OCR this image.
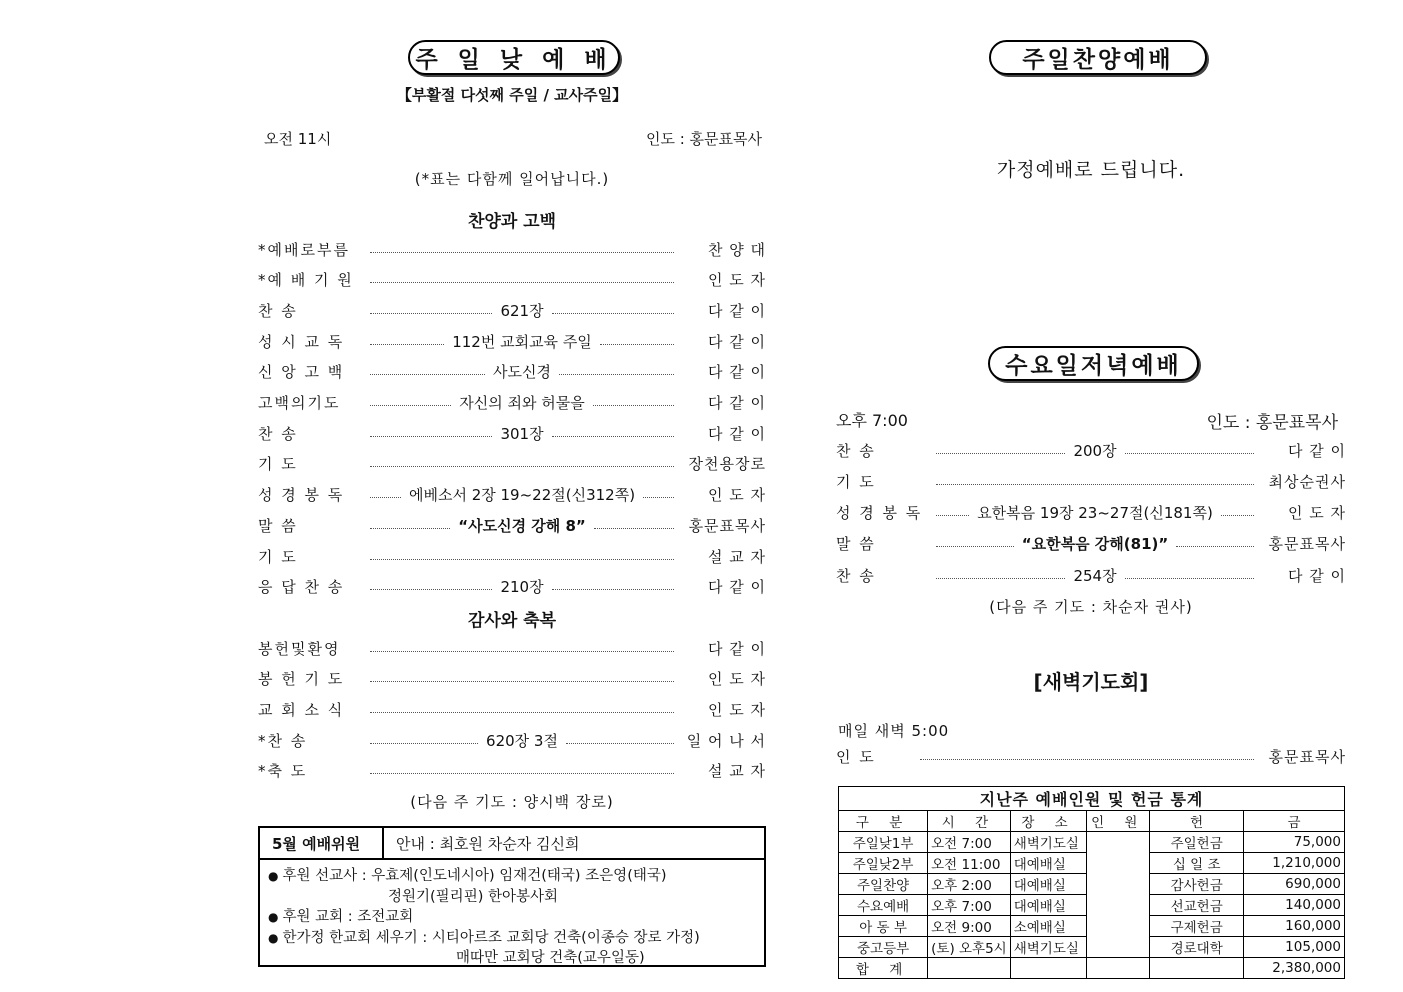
주 일 낮 예 배
【부활절 다섯째 주일 / 교사주일】
오전 11시	인도 : 홍문표목사
(*표는 다함께 일어납니다.)
찬양과 고백
*예배로부름	찬 양 대
*예 배 기 원	인 도 자
찬 송	621장	다 같 이
성 시 교 독	112번 교회교육 주일	다 같 이
신 앙 고 백	사도신경	다 같 이
고백의기도	자신의 죄와 허물을	다 같 이
찬 송	301장	다 같 이
기 도	장천용장로
성 경 봉 독	에베소서 2장 19~22절(신312쪽)	인 도 자
말 씀	“사도신경 강해 8”	홍문표목사
기 도	설 교 자
응 답 찬 송	210장	다 같 이
감사와 축복
봉헌및환영	다 같 이
봉 헌 기 도	인 도 자
교 회 소 식	인 도 자
*찬 송	620장 3절	일 어 나 서
*축 도	설 교 자
(다음 주 기도 : 양시백 장로)
5월 예배위원	안내 : 최호원 차순자 김신희
● 후원 선교사 : 우효제(인도네시아) 임재건(태국) 조은영(태국)
정원기(필리핀) 한아봉사회
● 후원 교회 : 조전교회
● 한가정 한교회 세우기 : 시티아르조 교회당 건축(이종승 장로 가정)
매따만 교회당 건축(교우일동)
주일찬양예배
가정예배로 드립니다.
수요일저녁예배
오후 7:00	인도 : 홍문표목사
찬 송	200장	다 같 이
기 도	최상순권사
성 경 봉 독	요한복음 19장 23~27절(신181쪽)	인 도 자
말 씀	“요한복음 강해(81)”	홍문표목사
찬 송	254장	다 같 이
(다음 주 기도 : 차순자 권사)
[새벽기도회]
매일 새벽 5:00
인 도	홍문표목사
지난주 예배인원 및 헌금 통계					
구 분	시 간	장 소	인 원	헌	금
주일낮1부	오전 7:00	새벽기도실		주일헌금	75,000
주일낮2부	오전 11:00	대예배실		십 일 조	1,210,000
주일찬양	오후 2:00	대예배실		감사헌금	690,000
수요예배	오후 7:00	대예배실		선교헌금	140,000
아 동 부	오전 9:00	소예배실		구제헌금	160,000
중고등부	(토) 오후5시	새벽기도실		경로대학	105,000
합 계					2,380,000
